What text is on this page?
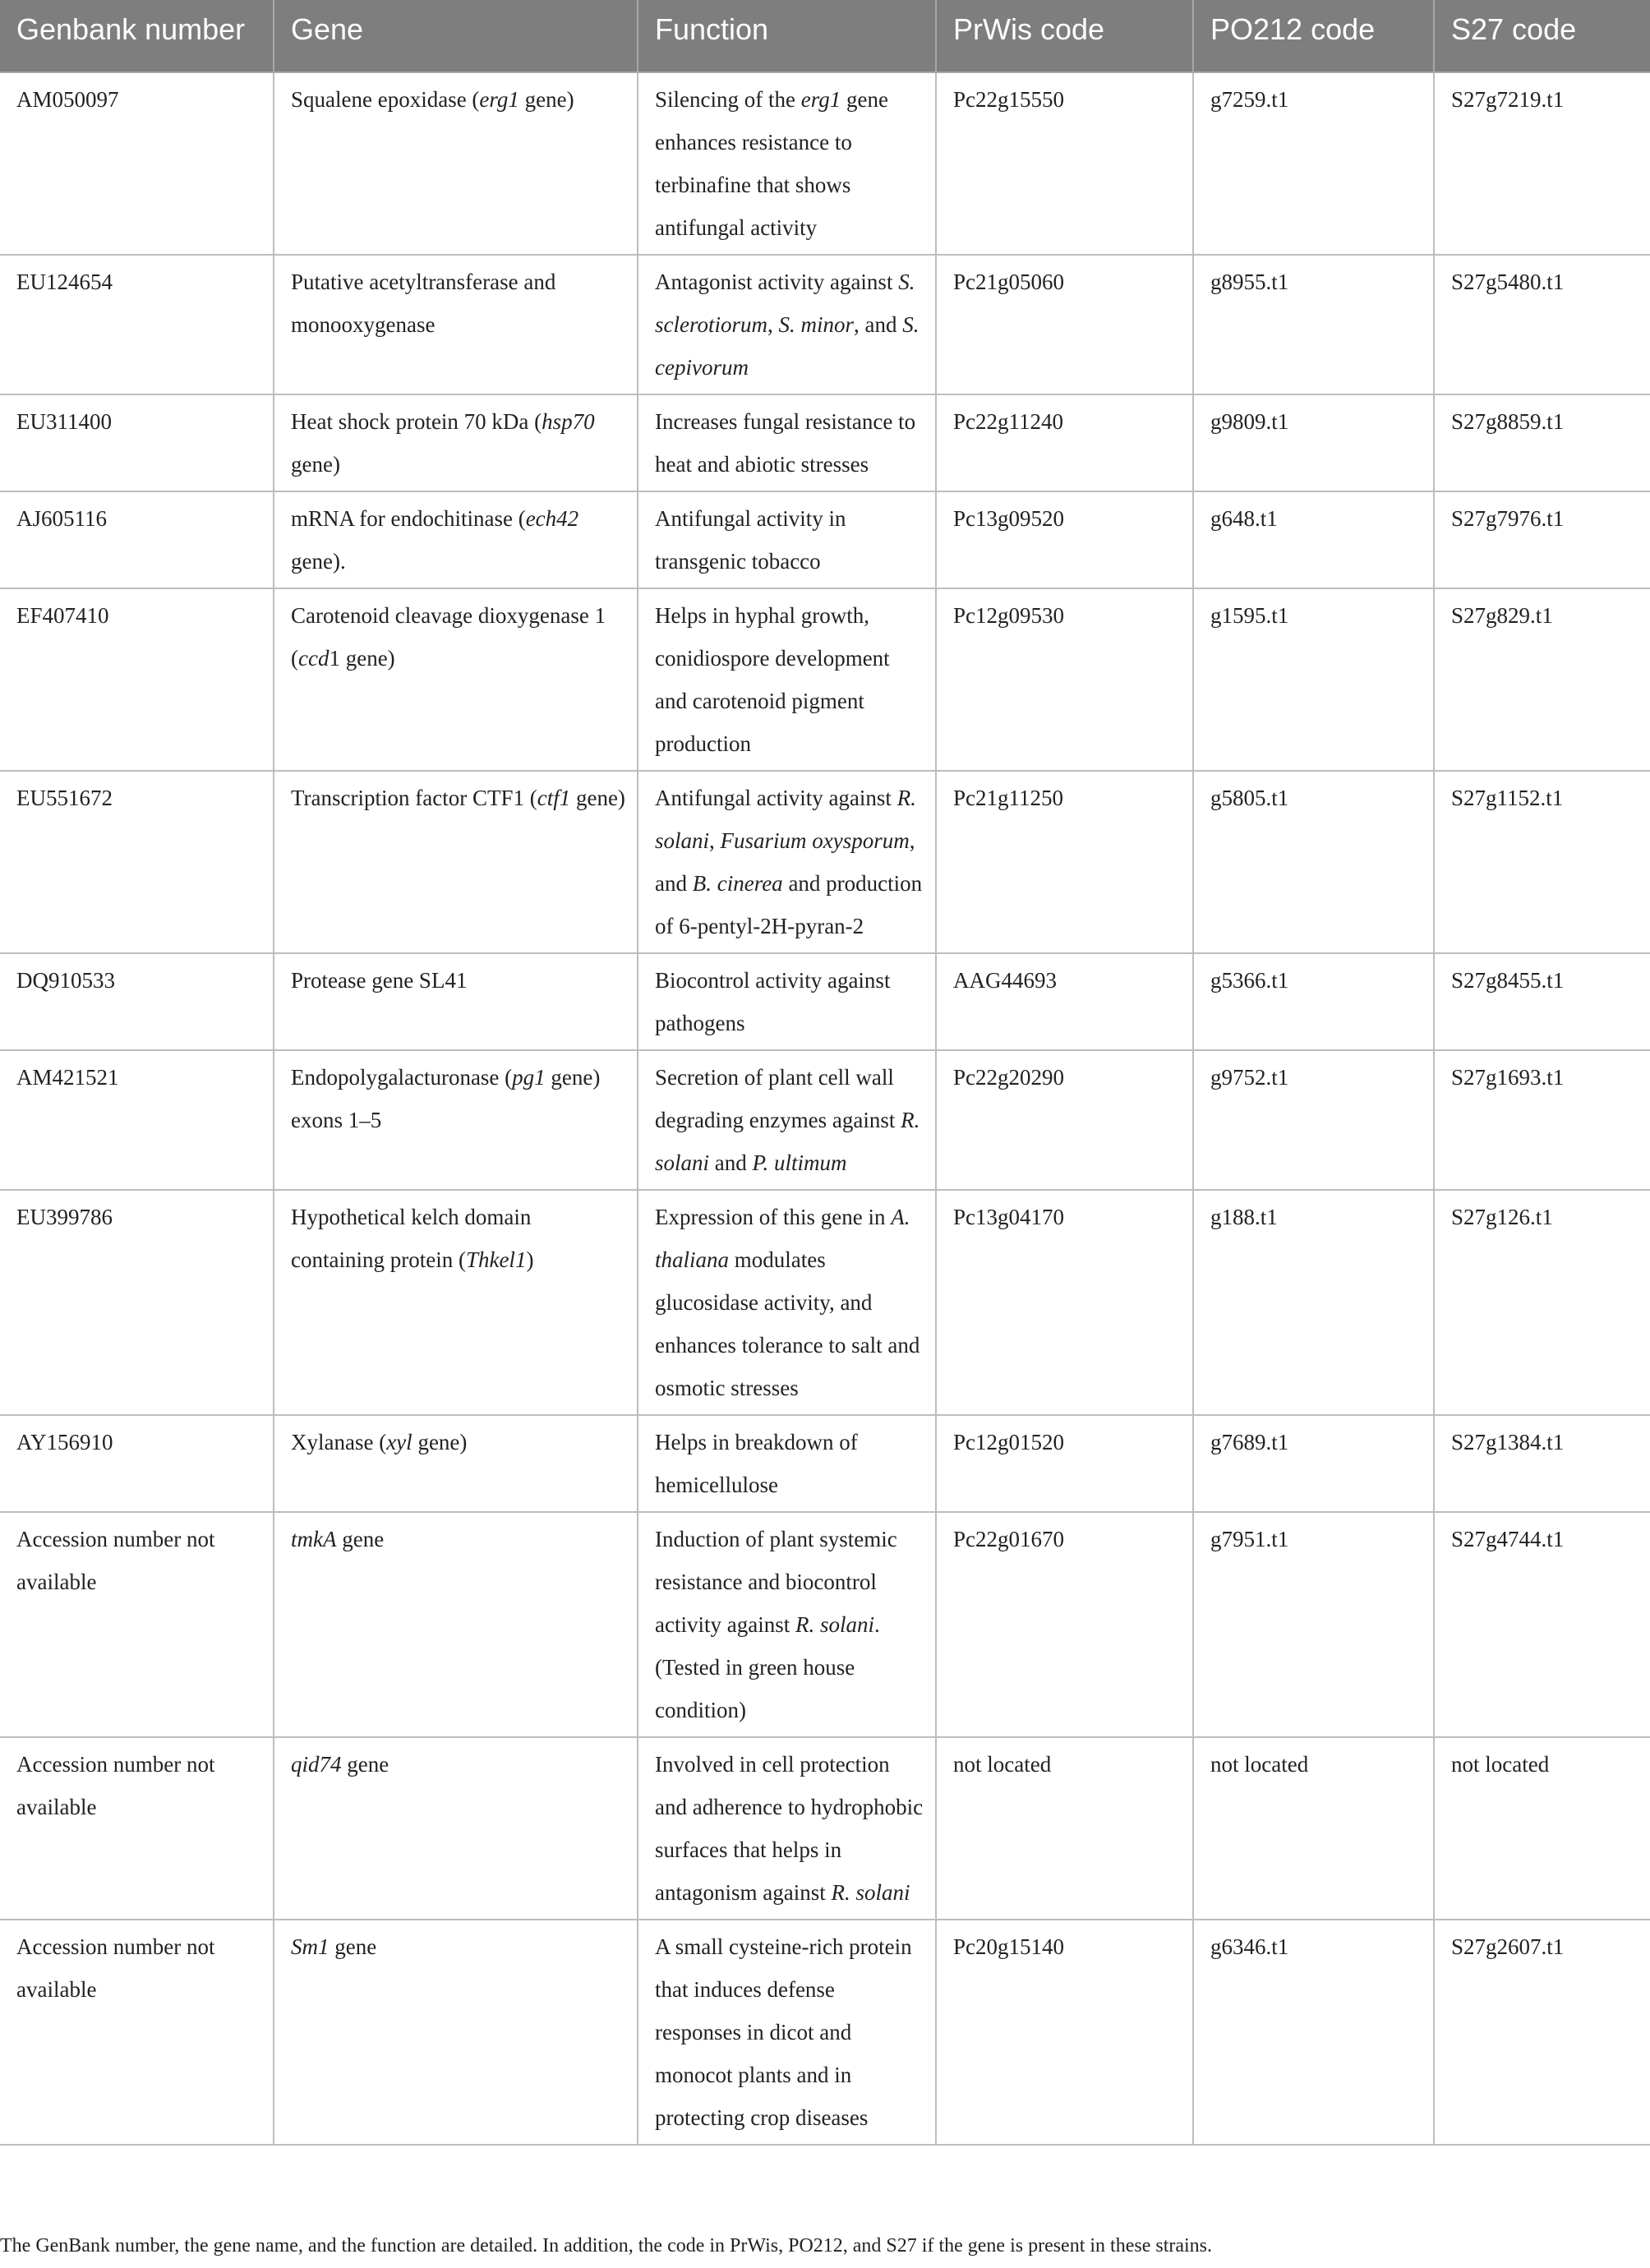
Genbank number	Gene	Function	PrWis code	PO212 code	S27 code
AM050097	Squalene epoxidase (erg1 gene)	Silencing of the erg1 gene enhances resistance to terbinafine that shows antifungal activity	Pc22g15550	g7259.t1	S27g7219.t1
EU124654	Putative acetyltransferase and monooxygenase	Antagonist activity against S. sclerotiorum, S. minor, and S. cepivorum	Pc21g05060	g8955.t1	S27g5480.t1
EU311400	Heat shock protein 70 kDa (hsp70 gene)	Increases fungal resistance to heat and abiotic stresses	Pc22g11240	g9809.t1	S27g8859.t1
AJ605116	mRNA for endochitinase (ech42 gene).	Antifungal activity in transgenic tobacco	Pc13g09520	g648.t1	S27g7976.t1
EF407410	Carotenoid cleavage dioxygenase 1 (ccd1 gene)	Helps in hyphal growth, conidiospore development and carotenoid pigment production	Pc12g09530	g1595.t1	S27g829.t1
EU551672	Transcription factor CTF1 (ctf1 gene)	Antifungal activity against R. solani, Fusarium oxysporum, and B. cinerea and production of 6-pentyl-2H-pyran-2	Pc21g11250	g5805.t1	S27g1152.t1
DQ910533	Protease gene SL41	Biocontrol activity against pathogens	AAG44693	g5366.t1	S27g8455.t1
AM421521	Endopolygalacturonase (pg1 gene) exons 1–5	Secretion of plant cell wall degrading enzymes against R. solani and P. ultimum	Pc22g20290	g9752.t1	S27g1693.t1
EU399786	Hypothetical kelch domain containing protein (Thkel1)	Expression of this gene in A. thaliana modulates glucosidase activity, and enhances tolerance to salt and osmotic stresses	Pc13g04170	g188.t1	S27g126.t1
AY156910	Xylanase (xyl gene)	Helps in breakdown of hemicellulose	Pc12g01520	g7689.t1	S27g1384.t1
Accession number not available	tmkA gene	Induction of plant systemic resistance and biocontrol activity against R. solani. (Tested in green house condition)	Pc22g01670	g7951.t1	S27g4744.t1
Accession number not available	qid74 gene	Involved in cell protection and adherence to hydrophobic surfaces that helps in antagonism against R. solani	not located	not located	not located
Accession number not available	Sm1 gene	A small cysteine-rich protein that induces defense responses in dicot and monocot plants and in protecting crop diseases	Pc20g15140	g6346.t1	S27g2607.t1
The GenBank number, the gene name, and the function are detailed. In addition, the code in PrWis, PO212, and S27 if the gene is present in these strains.
